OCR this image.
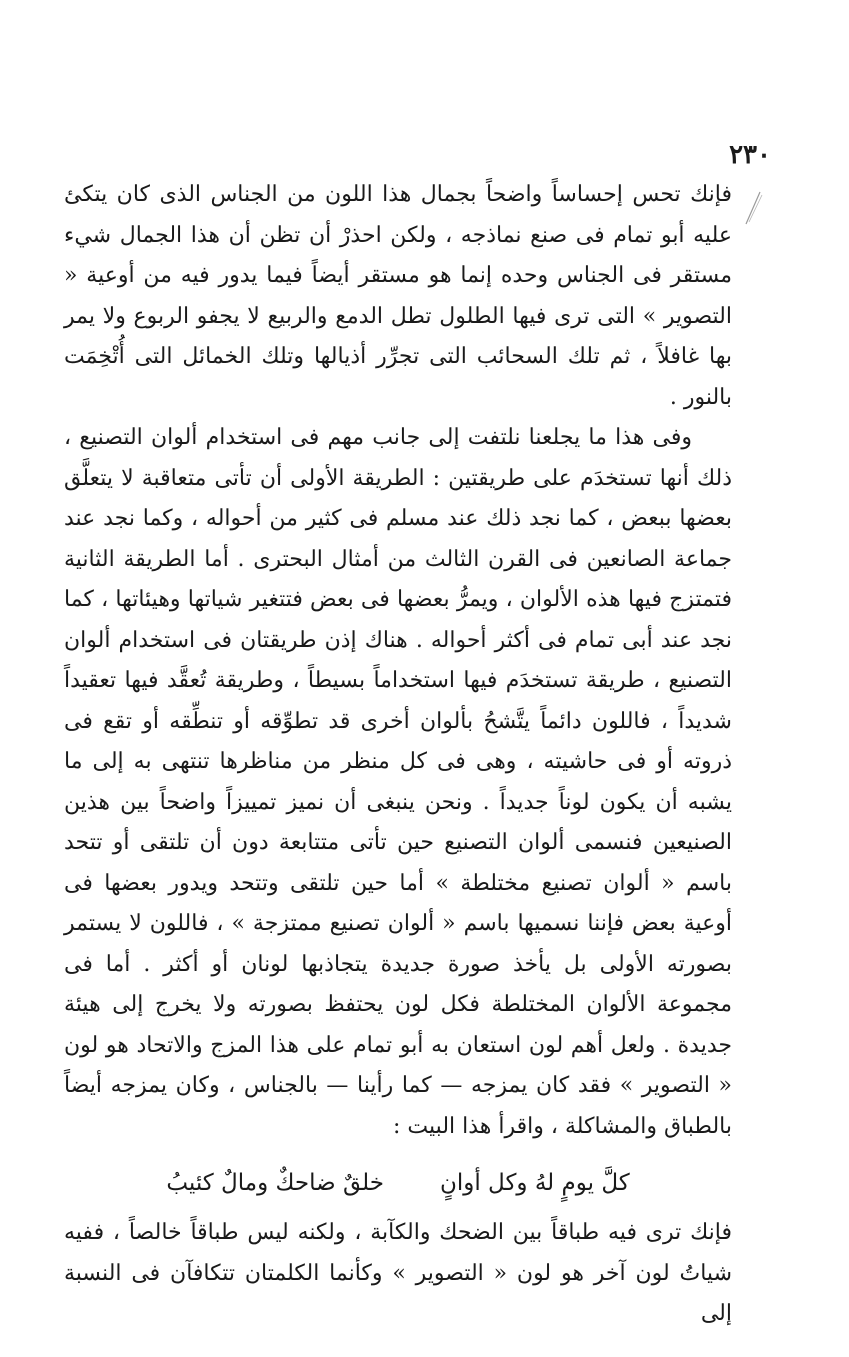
٢٣٠

فإنك تحس إحساساً واضحاً بجمال هذا اللون من الجناس الذى كان يتكئ عليه أبو تمام فى صنع نماذجه ، ولكن احذرْ أن تظن أن هذا الجمال شيء مستقر فى الجناس وحده إنما هو مستقر أيضاً فيما يدور فيه من أوعية « التصوير » التى ترى فيها الطلول تطل الدمع والربيع لا يجفو الربوع ولا يمر بها غافلاً ، ثم تلك السحائب التى تجرِّر أذيالها وتلك الخمائل التى أُتْخِمَت بالنور .

وفى هذا ما يجلعنا نلتفت إلى جانب مهم فى استخدام ألوان التصنيع ، ذلك أنها تستخدَم على طريقتين : الطريقة الأولى أن تأتى متعاقبة لا يتعلَّق بعضها ببعض ، كما نجد ذلك عند مسلم فى كثير من أحواله ، وكما نجد عند جماعة الصانعين فى القرن الثالث من أمثال البحترى . أما الطريقة الثانية فتمتزج فيها هذه الألوان ، ويمرُّ بعضها فى بعض فتتغير شياتها وهيئاتها ، كما نجد عند أبى تمام فى أكثر أحواله . هناك إذن طريقتان فى استخدام ألوان التصنيع ، طريقة تستخدَم فيها استخداماً بسيطاً ، وطريقة تُعقَّد فيها تعقيداً شديداً ، فاللون دائماً يتَّشحُ بألوان أخرى قد تطوِّقه أو تنطِّقه أو تقع فى ذروته أو فى حاشيته ، وهى فى كل منظر من مناظرها تنتهى به إلى ما يشبه أن يكون لوناً جديداً . ونحن ينبغى أن نميز تمييزاً واضحاً بين هذين الصنيعين فنسمى ألوان التصنيع حين تأتى متتابعة دون أن تلتقى أو تتحد باسم « ألوان تصنيع مختلطة » أما حين تلتقى وتتحد ويدور بعضها فى أوعية بعض فإننا نسميها باسم « ألوان تصنيع ممتزجة » ، فاللون لا يستمر بصورته الأولى بل يأخذ صورة جديدة يتجاذبها لونان أو أكثر . أما فى مجموعة الألوان المختلطة فكل لون يحتفظ بصورته ولا يخرج إلى هيئة جديدة . ولعل أهم لون استعان به أبو تمام على هذا المزج والاتحاد هو لون « التصوير » فقد كان يمزجه — كما رأينا — بالجناس ، وكان يمزجه أيضاً بالطباق والمشاكلة ، واقرأ هذا البيت :

كلَّ يومٍ لهُ وكل أوانٍ
خلقٌ ضاحكٌ ومالٌ كئيبُ

فإنك ترى فيه طباقاً بين الضحك والكآبة ، ولكنه ليس طباقاً خالصاً ، ففيه شياتُ لون آخر هو لون « التصوير » وكأنما الكلمتان تتكافآن فى النسبة إلى
